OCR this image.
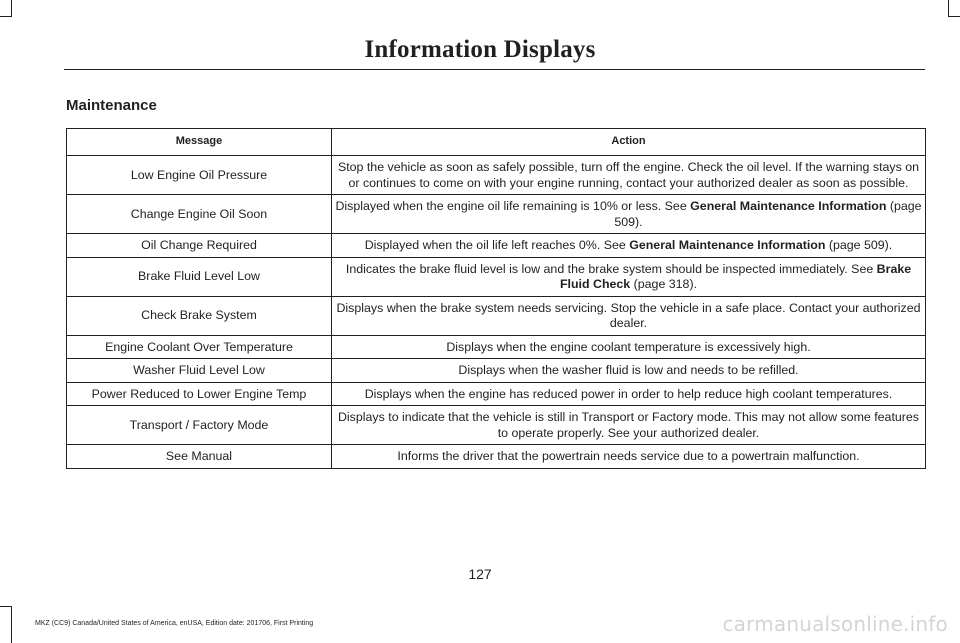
Information Displays
Maintenance
Message	Action
Low Engine Oil Pressure	Stop the vehicle as soon as safely possible, turn off the engine. Check the oil level. If the warning stays on or continues to come on with your engine running, contact your authorized dealer as soon as possible.
Change Engine Oil Soon	Displayed when the engine oil life remaining is 10% or less. See General Maintenance Information (page 509).
Oil Change Required	Displayed when the oil life left reaches 0%. See General Maintenance Information (page 509).
Brake Fluid Level Low	Indicates the brake fluid level is low and the brake system should be inspected immediately. See Brake Fluid Check (page 318).
Check Brake System	Displays when the brake system needs servicing. Stop the vehicle in a safe place. Contact your authorized dealer.
Engine Coolant Over Temperature	Displays when the engine coolant temperature is excessively high.
Washer Fluid Level Low	Displays when the washer fluid is low and needs to be refilled.
Power Reduced to Lower Engine Temp	Displays when the engine has reduced power in order to help reduce high coolant temperatures.
Transport / Factory Mode	Displays to indicate that the vehicle is still in Transport or Factory mode. This may not allow some features to operate properly. See your authorized dealer.
See Manual	Informs the driver that the powertrain needs service due to a powertrain malfunction.
127
MKZ (CC9) Canada/United States of America, enUSA, Edition date: 201706, First Printing	carmanualsonline.info
